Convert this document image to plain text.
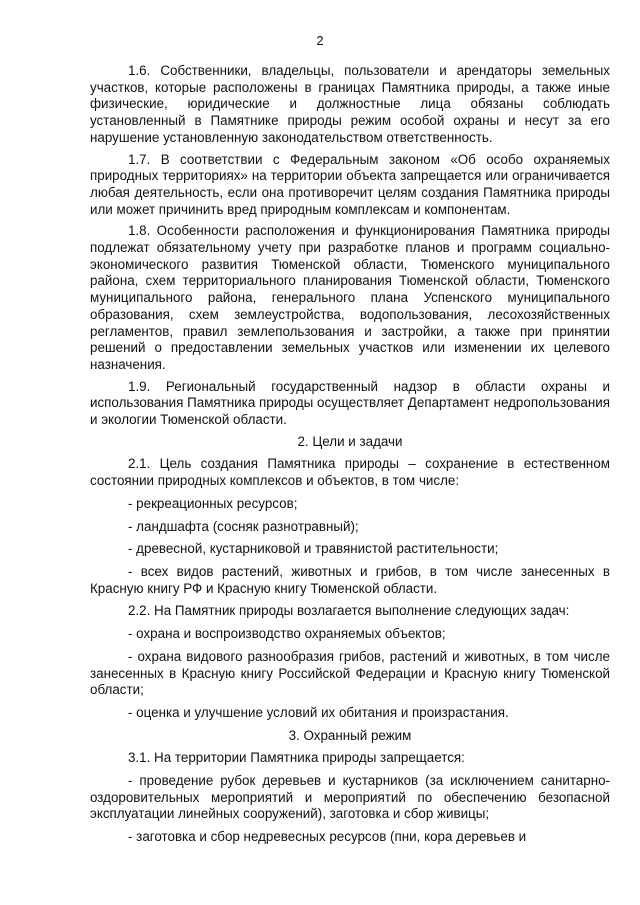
2

1.6. Собственники, владельцы, пользователи и арендаторы земельных участков, которые расположены в границах Памятника природы, а также иные физические, юридические и должностные лица обязаны соблюдать установленный в Памятнике природы режим особой охраны и несут за его нарушение установленную законодательством ответственность.

1.7. В соответствии с Федеральным законом «Об особо охраняемых природных территориях» на территории объекта запрещается или ограничивается любая деятельность, если она противоречит целям создания Памятника природы или может причинить вред природным комплексам и компонентам.

1.8. Особенности расположения и функционирования Памятника природы подлежат обязательному учету при разработке планов и программ социально-экономического развития Тюменской области, Тюменского муниципального района, схем территориального планирования Тюменской области, Тюменского муниципального района, генерального плана Успенского муниципального образования, схем землеустройства, водопользования, лесохозяйственных регламентов, правил землепользования и застройки, а также при принятии решений о предоставлении земельных участков или изменении их целевого назначения.

1.9. Региональный государственный надзор в области охраны и использования Памятника природы осуществляет Департамент недропользования и экологии Тюменской области.

2. Цели и задачи

2.1. Цель создания Памятника природы – сохранение в естественном состоянии природных комплексов и объектов, в том числе:

- рекреационных ресурсов;

- ландшафта (сосняк разнотравный);

- древесной, кустарниковой и травянистой растительности;

- всех видов растений, животных и грибов, в том числе занесенных в Красную книгу РФ и Красную книгу Тюменской области.

2.2. На Памятник природы возлагается выполнение следующих задач:

- охрана и воспроизводство охраняемых объектов;

- охрана видового разнообразия грибов, растений и животных, в том числе занесенных в Красную книгу Российской Федерации и Красную книгу Тюменской области;

- оценка и улучшение условий их обитания и произрастания.

3. Охранный режим

3.1. На территории Памятника природы запрещается:

- проведение рубок деревьев и кустарников (за исключением санитарно-оздоровительных мероприятий и мероприятий по обеспечению безопасной эксплуатации линейных сооружений), заготовка и сбор живицы;

- заготовка и сбор недревесных ресурсов (пни, кора деревьев и
